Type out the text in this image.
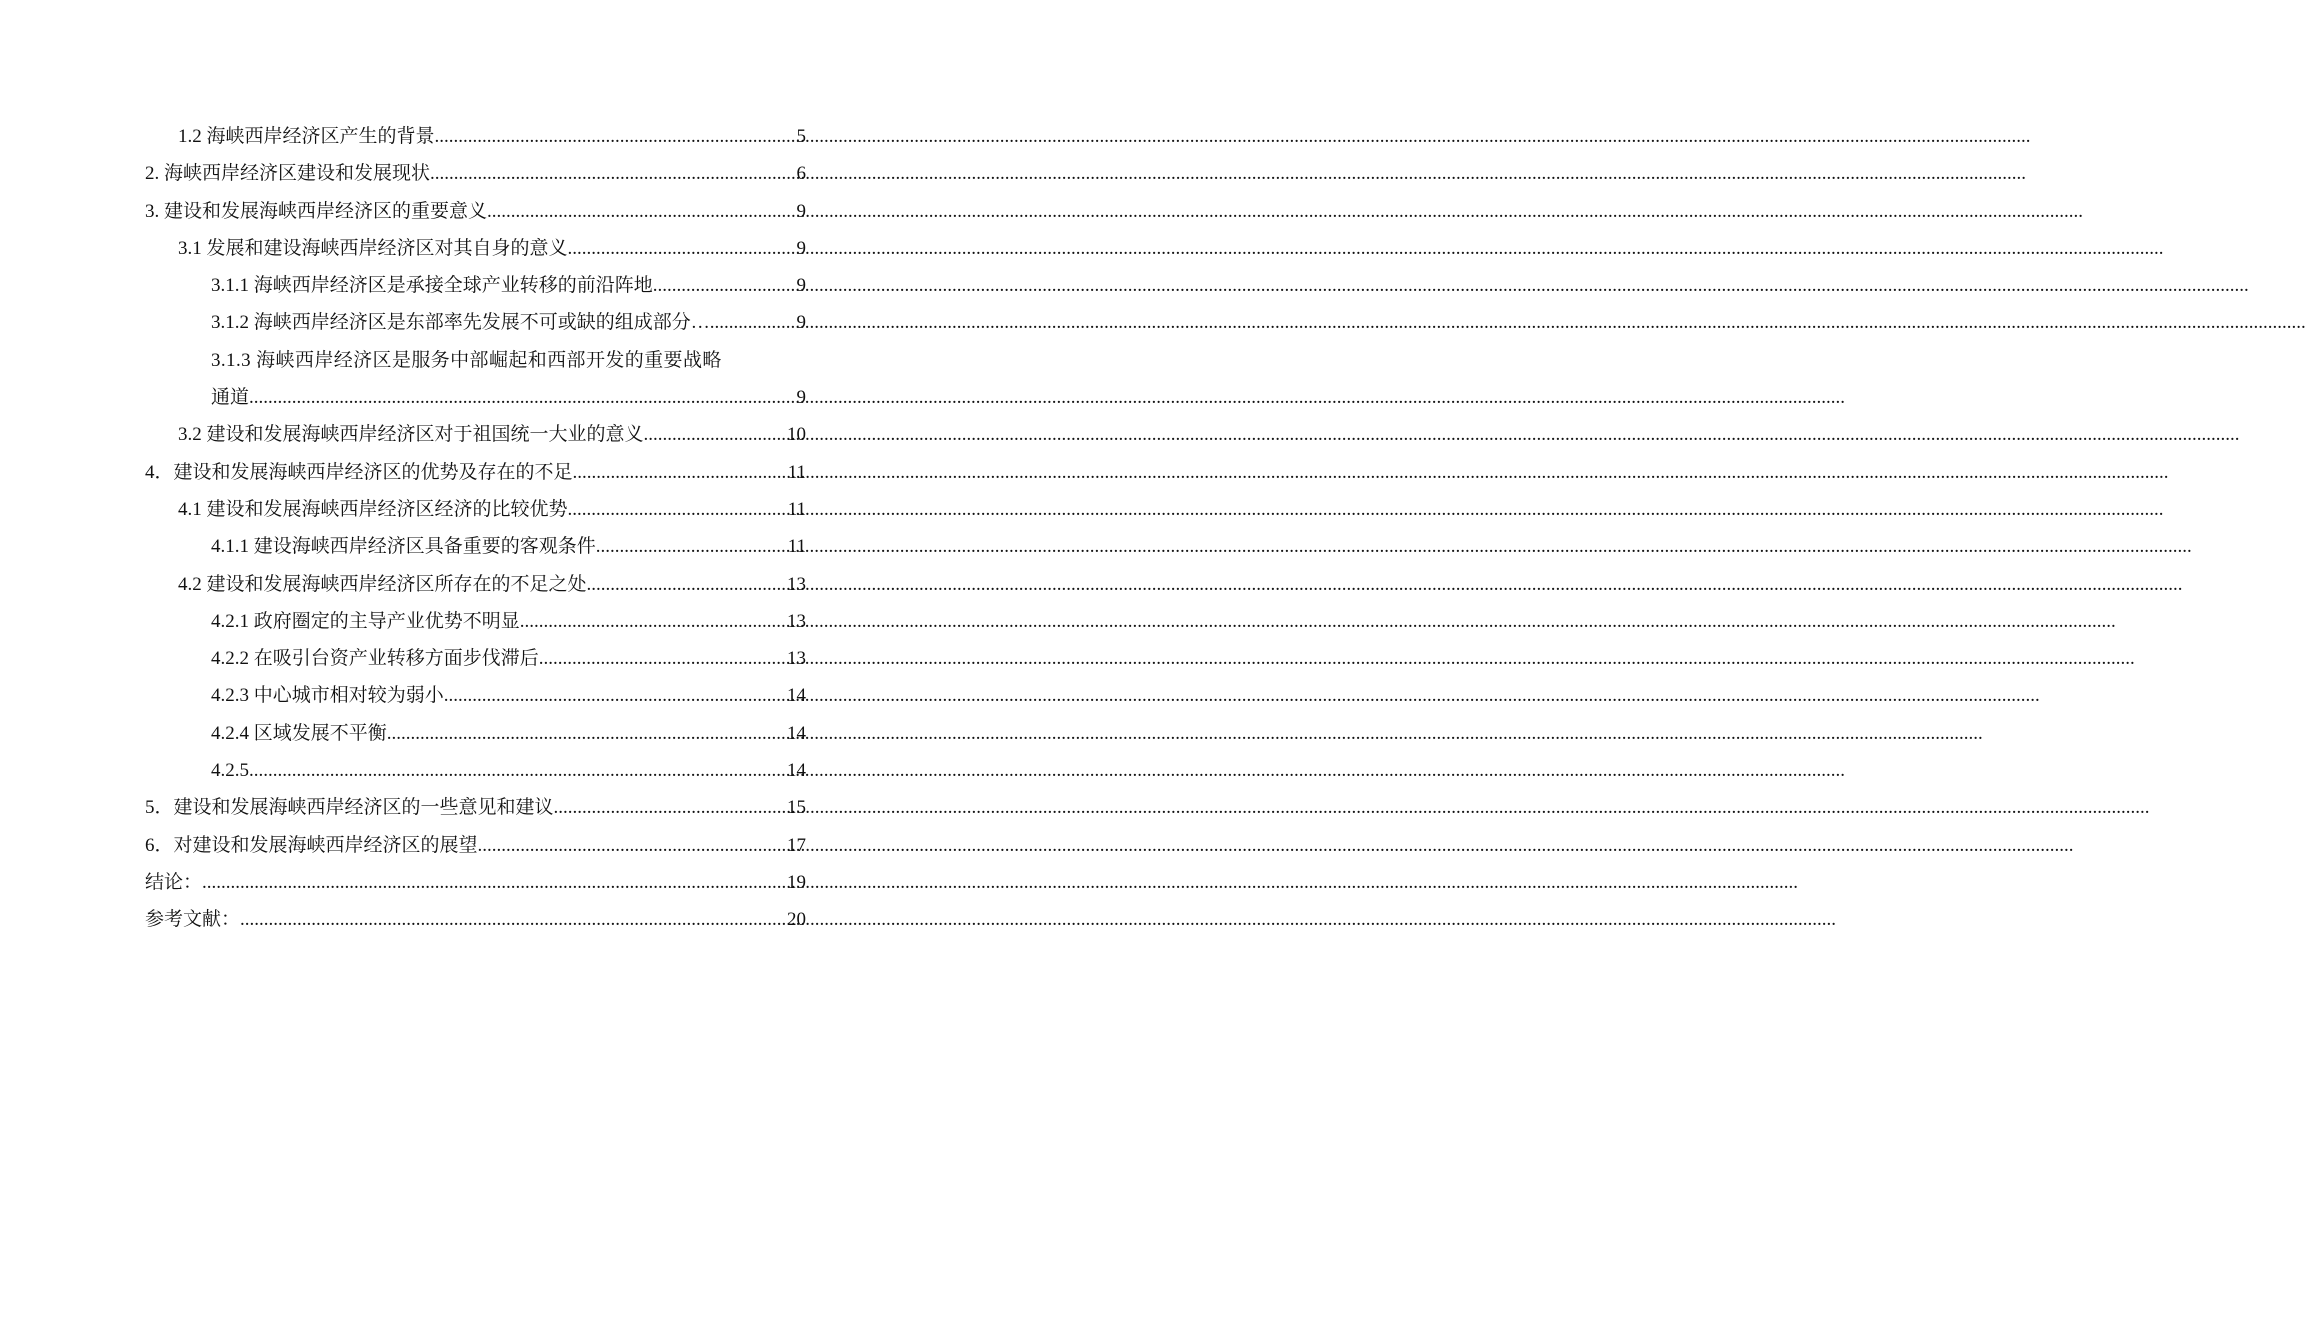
1.2 海峡西岸经济区产生的背景 .....	5
2. 海峡西岸经济区建设和发展现状 .....	6
3. 建设和发展海峡西岸经济区的重要意义 .....	9
3.1 发展和建设海峡西岸经济区对其自身的意义 .....	9
3.1.1 海峡西岸经济区是承接全球产业转移的前沿阵地 .....	9
3.1.2 海峡西岸经济区是东部率先发展不可或缺的组成部分… .....	9
3.1.3 海峡西岸经济区是服务中部崛起和西部开发的重要战略
通道 .....	9
3.2 建设和发展海峡西岸经济区对于祖国统一大业的意义 .....	10
4．建设和发展海峡西岸经济区的优势及存在的不足 .....	11
4.1 建设和发展海峡西岸经济区经济的比较优势 .....	11
4.1.1 建设海峡西岸经济区具备重要的客观条件 .....	11
4.2 建设和发展海峡西岸经济区所存在的不足之处 .....	13
4.2.1 政府圈定的主导产业优势不明显 .....	13
4.2.2 在吸引台资产业转移方面步伐滞后 .....	13
4.2.3 中心城市相对较为弱小 .....	14
4.2.4 区域发展不平衡 .....	14
4.2.5 .....	14
5．建设和发展海峡西岸经济区的一些意见和建议 .....	15
6．对建设和发展海峡西岸经济区的展望 .....	17
结论： .....	19
参考文献： .....	20
